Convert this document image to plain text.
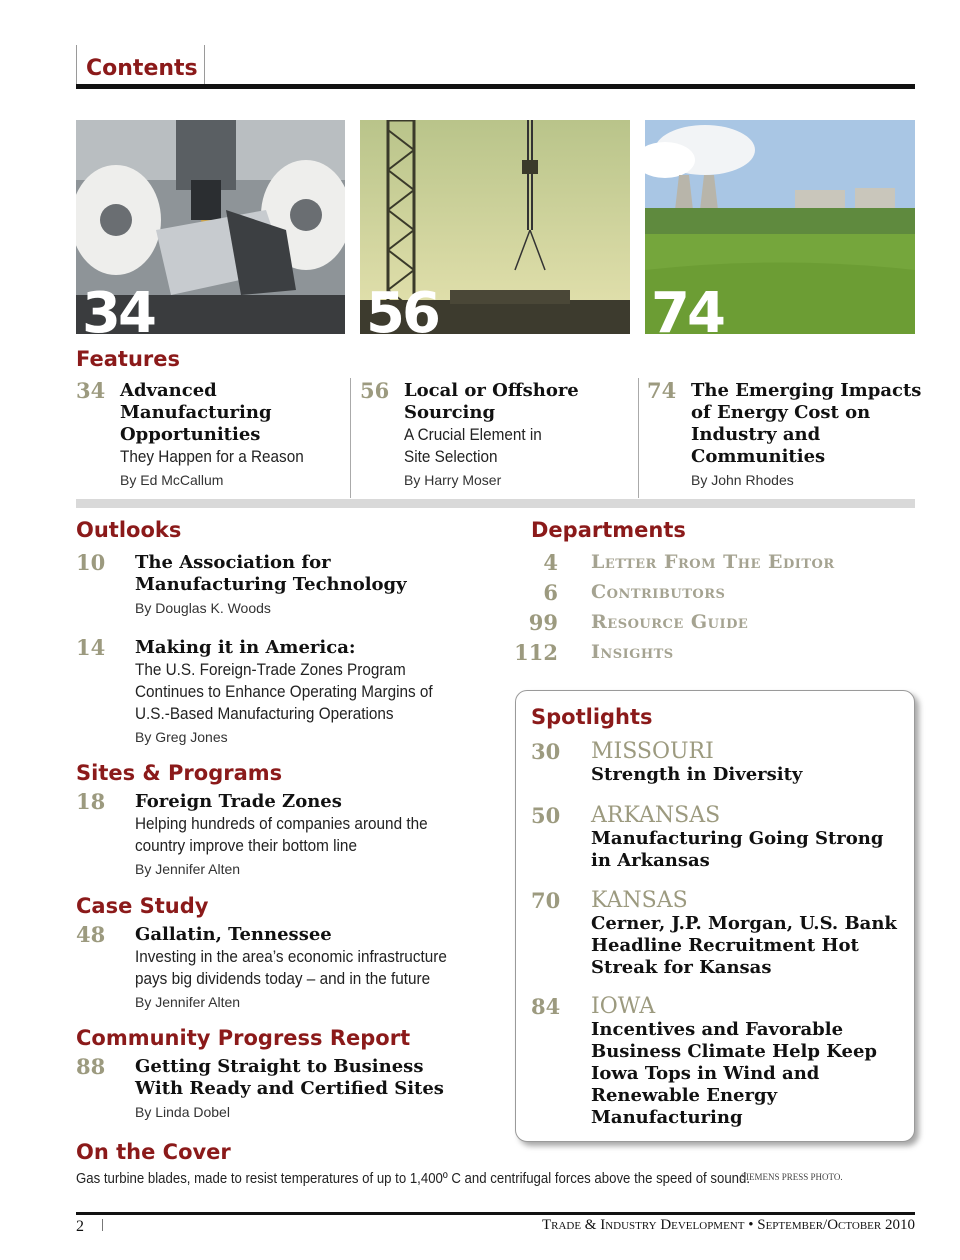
Contents
34	56	74
Features
34 Advanced
Manufacturing
Opportunities
They Happen for a Reason
By Ed McCallum
56 Local or Offshore
Sourcing
A Crucial Element in
Site Selection
By Harry Moser
74 The Emerging Impacts
of Energy Cost on
Industry and
Communities
By John Rhodes
Outlooks
10 The Association for
Manufacturing Technology
By Douglas K. Woods
14 Making it in America:
The U.S. Foreign-Trade Zones Program
Continues to Enhance Operating Margins of
U.S.-Based Manufacturing Operations
By Greg Jones
Sites & Programs
18 Foreign Trade Zones
Helping hundreds of companies around the
country improve their bottom line
By Jennifer Alten
Case Study
48 Gallatin, Tennessee
Investing in the area’s economic infrastructure
pays big dividends today – and in the future
By Jennifer Alten
Community Progress Report
88 Getting Straight to Business
With Ready and Certified Sites
By Linda Dobel
On the Cover
Gas turbine blades, made to resist temperatures of up to 1,400º C and centrifugal forces above the speed of sound.
SIEMENS PRESS PHOTO.
Departments
4 Letter From The Editor
6 Contributors
99 Resource Guide
112 Insights
Spotlights
30 MISSOURI
Strength in Diversity
50 ARKANSAS
Manufacturing Going Strong
in Arkansas
70 KANSAS
Cerner, J.P. Morgan, U.S. Bank
Headline Recruitment Hot
Streak for Kansas
84 IOWA
Incentives and Favorable
Business Climate Help Keep
Iowa Tops in Wind and
Renewable Energy
Manufacturing
2	Trade & Industry Development • September/October 2010
